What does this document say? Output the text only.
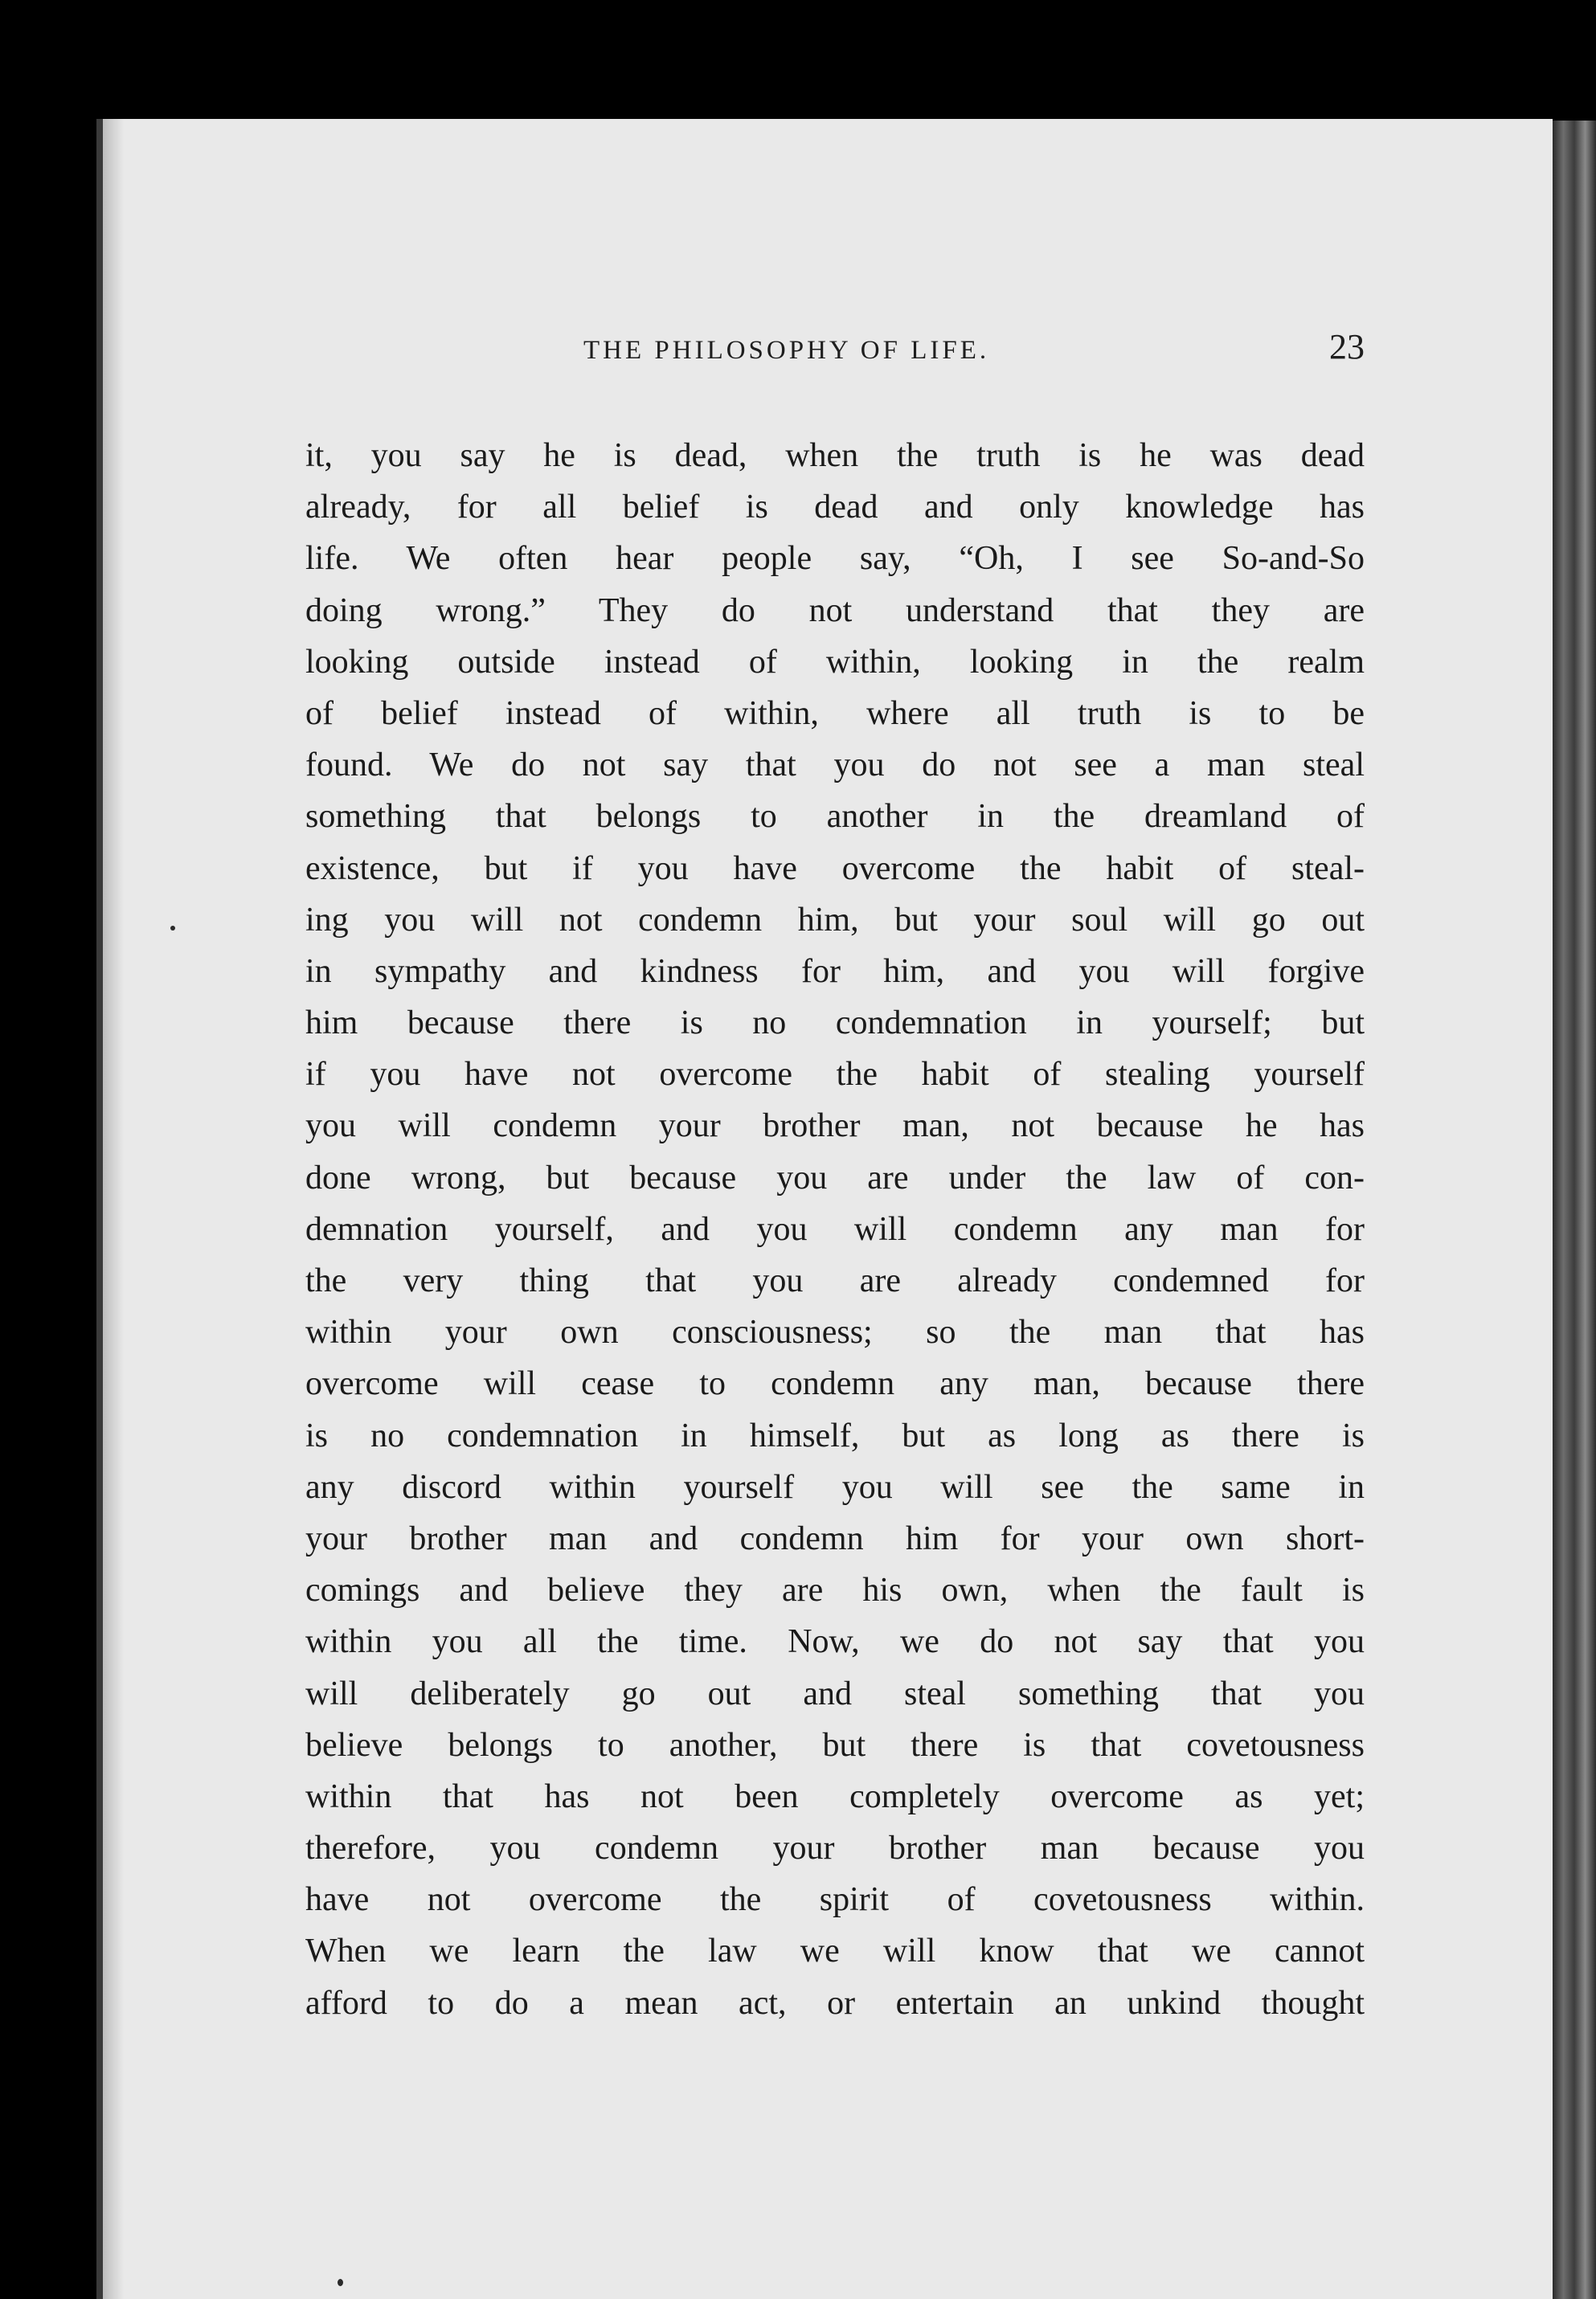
THE PHILOSOPHY OF LIFE.	23
it, you say he is dead, when the truth is he was dead
already, for all belief is dead and only knowledge has
life. We often hear people say, “Oh, I see So-and-So
doing wrong.” They do not understand that they are
looking outside instead of within, looking in the realm
of belief instead of within, where all truth is to be
found. We do not say that you do not see a man steal
something that belongs to another in the dreamland of
existence, but if you have overcome the habit of steal-
ing you will not condemn him, but your soul will go out
in sympathy and kindness for him, and you will forgive
him because there is no condemnation in yourself; but
if you have not overcome the habit of stealing yourself
you will condemn your brother man, not because he has
done wrong, but because you are under the law of con-
demnation yourself, and you will condemn any man for
the very thing that you are already condemned for
within your own consciousness; so the man that has
overcome will cease to condemn any man, because there
is no condemnation in himself, but as long as there is
any discord within yourself you will see the same in
your brother man and condemn him for your own short-
comings and believe they are his own, when the fault is
within you all the time. Now, we do not say that you
will deliberately go out and steal something that you
believe belongs to another, but there is that covetousness
within that has not been completely overcome as yet;
therefore, you condemn your brother man because you
have not overcome the spirit of covetousness within.
When we learn the law we will know that we cannot
afford to do a mean act, or entertain an unkind thought
